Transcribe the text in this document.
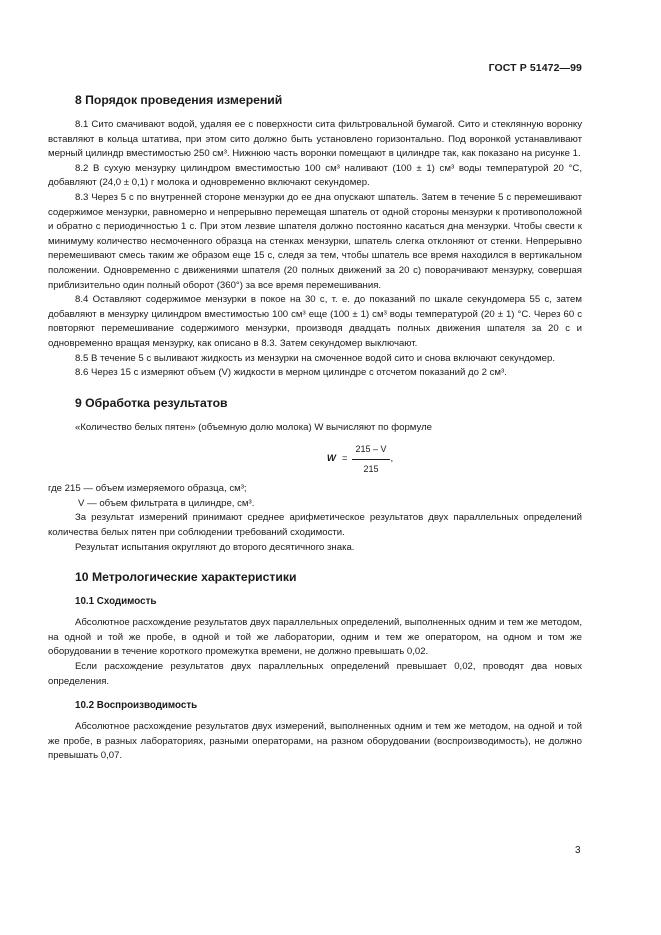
ГОСТ Р 51472—99
8 Порядок проведения измерений

8.1 Сито смачивают водой, удаляя ее с поверхности сита фильтровальной бумагой. Сито и стеклянную воронку вставляют в кольца штатива, при этом сито должно быть установлено горизонтально. Под воронкой устанавливают мерный цилиндр вместимостью 250 см³. Нижнюю часть воронки помещают в цилиндре так, как показано на рисунке 1.

8.2 В сухую мензурку цилиндром вместимостью 100 см³ наливают (100 ± 1) см³ воды температурой 20 °С, добавляют (24,0 ± 0,1) г молока и одновременно включают секундомер.

8.3 Через 5 с по внутренней стороне мензурки до ее дна опускают шпатель. Затем в течение 5 с перемешивают содержимое мензурки, равномерно и непрерывно перемещая шпатель от одной стороны мензурки к противоположной и обратно с периодичностью 1 с. При этом лезвие шпателя должно постоянно касаться дна мензурки. Чтобы свести к минимуму количество несмоченного образца на стенках мензурки, шпатель слегка отклоняют от стенки. Непрерывно перемешивают смесь таким же образом еще 15 с, следя за тем, чтобы шпатель все время находился в вертикальном положении. Одновременно с движениями шпателя (20 полных движений за 20 с) поворачивают мензурку, совершая приблизительно один полный оборот (360°) за все время перемешивания.

8.4 Оставляют содержимое мензурки в покое на 30 с, т. е. до показаний по шкале секундомера 55 с, затем добавляют в мензурку цилиндром вместимостью 100 см³ еще (100 ± 1) см³ воды температурой (20 ± 1) °С. Через 60 с повторяют перемешивание содержимого мензурки, производя двадцать полных движения шпателя за 20 с и одновременно вращая мензурку, как описано в 8.3. Затем секундомер выключают.

8.5 В течение 5 с выливают жидкость из мензурки на смоченное водой сито и снова включают секундомер.

8.6 Через 15 с измеряют объем (V) жидкости в мерном цилиндре с отсчетом показаний до 2 см³.

9 Обработка результатов

«Количество белых пятен» (объемную долю молока) W вычисляют по формуле

$W = \frac{215 - V}{215}$ ,

где 215 — объем измеряемого образца, см³;

V — объем фильтрата в цилиндре, см³.

За результат измерений принимают среднее арифметическое результатов двух параллельных определений количества белых пятен при соблюдении требований сходимости.

Результат испытания округляют до второго десятичного знака.

10 Метрологические характеристики
10.1 Сходимость

Абсолютное расхождение результатов двух параллельных определений, выполненных одним и тем же методом, на одной и той же пробе, в одной и той же лаборатории, одним и тем же оператором, на одном и том же оборудовании в течение короткого промежутка времени, не должно превышать 0,02.

Если расхождение результатов двух параллельных определений превышает 0,02, проводят два новых определения.

10.2 Воспроизводимость

Абсолютное расхождение результатов двух измерений, выполненных одним и тем же методом, на одной и той же пробе, в разных лабораториях, разными операторами, на разном оборудовании (воспроизводимость), не должно превышать 0,07.

3
